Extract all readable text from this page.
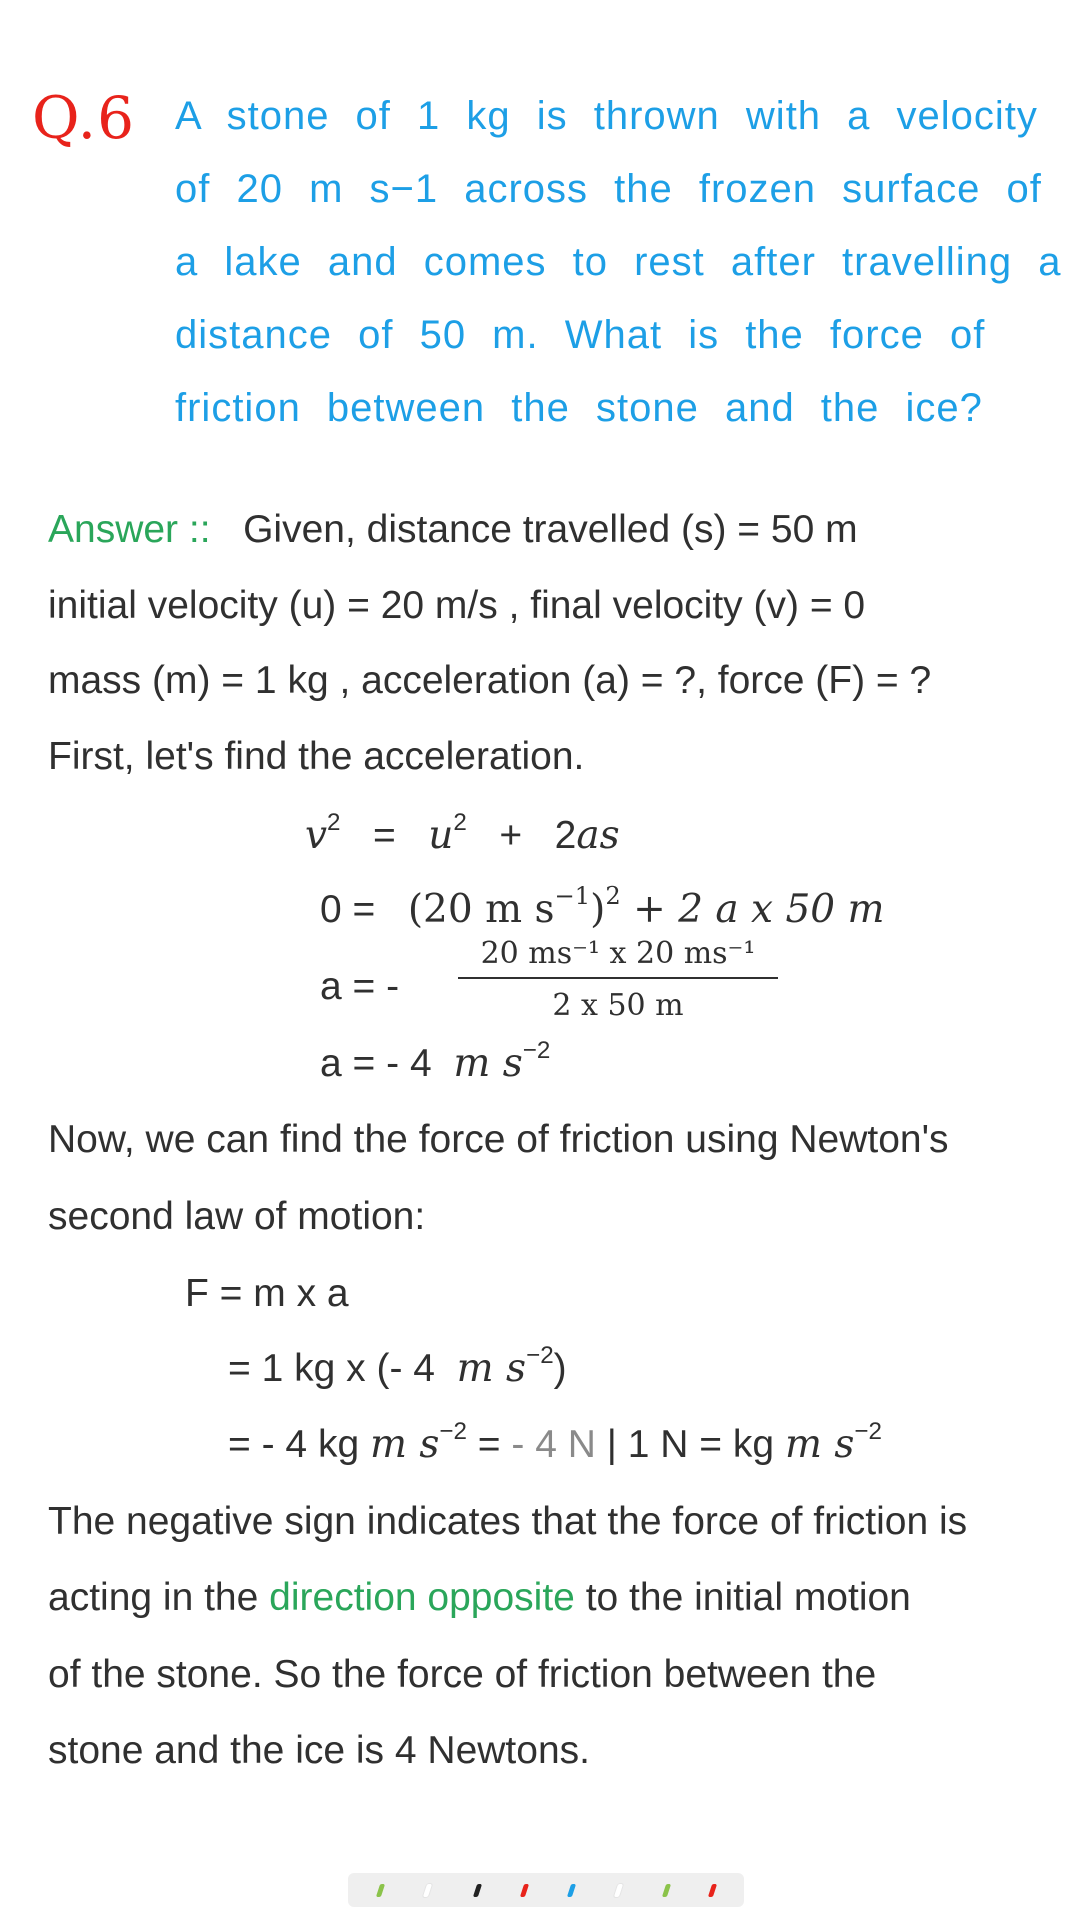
Q.6 A stone of 1 kg is thrown with a velocity
of 20 m s−1 across the frozen surface of
a lake and comes to rest after travelling a
distance of 50 m. What is the force of
friction between the stone and the ice?
Answer :: Given, distance travelled (s) = 50 m
initial velocity (u) = 20 m/s , final velocity (v) = 0
mass (m) = 1 kg , acceleration (a) = ?, force (F) = ?
First, let's find the acceleration.
$v^2 = u^2 + 2as$
0 = (20 m $s^{-1})^2 + 2$ a x 50 m
a = -
20 ms⁻¹ x 20 ms⁻¹
2 x 50 m
a = - 4 m $s^{-2}$
Now, we can find the force of friction using Newton's
second law of motion:
F = m x a
= 1 kg x (- 4 m $s^{-2}$)
= - 4 kg m $s^{-2}$ = - 4 N | 1 N = kg m $s^{-2}$
The negative sign indicates that the force of friction is
acting in the direction opposite to the initial motion
of the stone. So the force of friction between the
stone and the ice is 4 Newtons.
